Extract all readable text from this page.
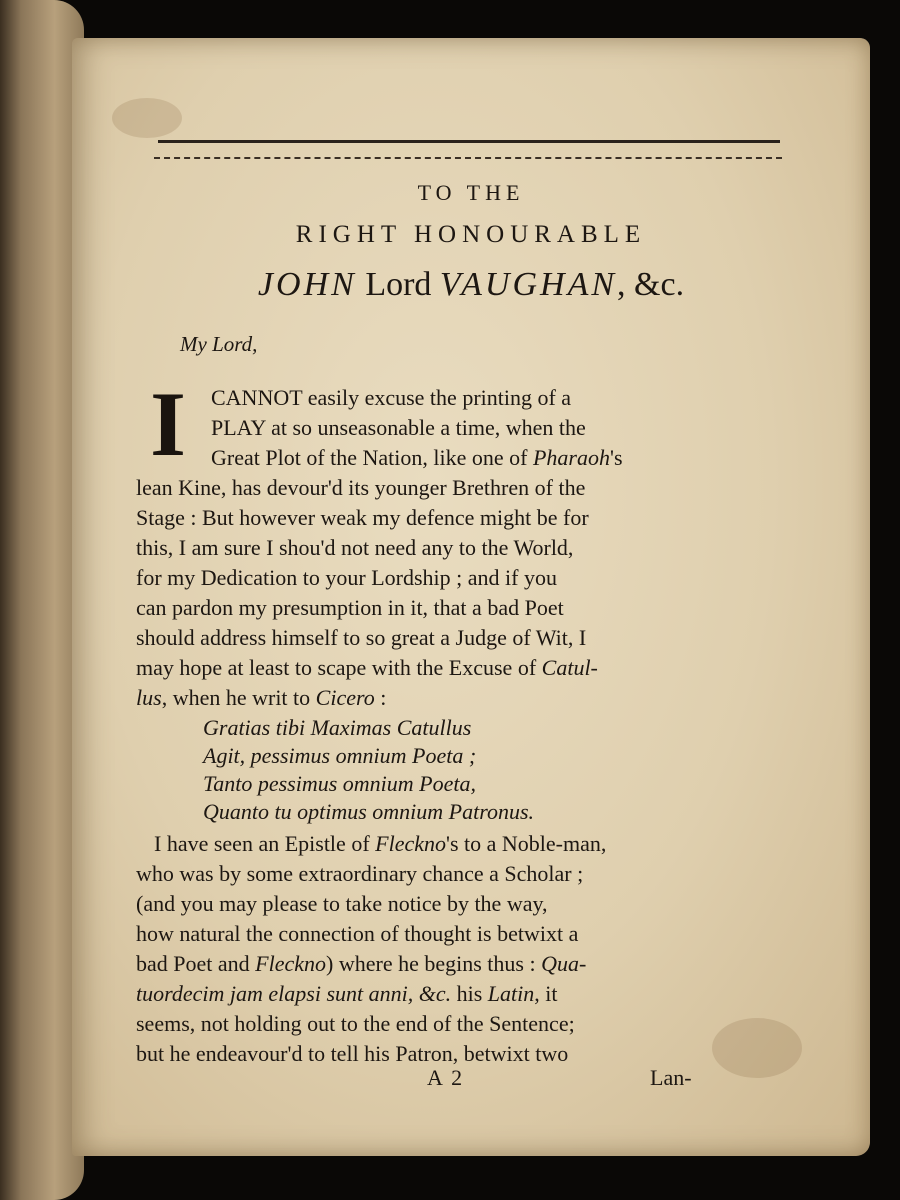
TO THE
RIGHT HONOURABLE
JOHN Lord VAUGHAN, &c.
My Lord,
I CANNOT easily excuse the printing of a
PLAY at so unseasonable a time, when the
Great Plot of the Nation, like one of Pharaoh's
lean Kine, has devour'd its younger Brethren of the
Stage : But however weak my defence might be for
this, I am sure I shou'd not need any to the World,
for my Dedication to your Lordship ; and if you
can pardon my presumption in it, that a bad Poet
should address himself to so great a Judge of Wit, I
may hope at least to scape with the Excuse of Catul-
lus, when he writ to Cicero :
Gratias tibi Maximas Catullus
Agit, pessimus omnium Poeta ;
Tanto pessimus omnium Poeta,
Quanto tu optimus omnium Patronus.
I have seen an Epistle of Fleckno's to a Noble-man,
who was by some extraordinary chance a Scholar ;
(and you may please to take notice by the way,
how natural the connection of thought is betwixt a
bad Poet and Fleckno) where he begins thus : Qua-
tuordecim jam elapsi sunt anni, &c. his Latin, it
seems, not holding out to the end of the Sentence;
but he endeavour'd to tell his Patron, betwixt two
A 2	Lan-
